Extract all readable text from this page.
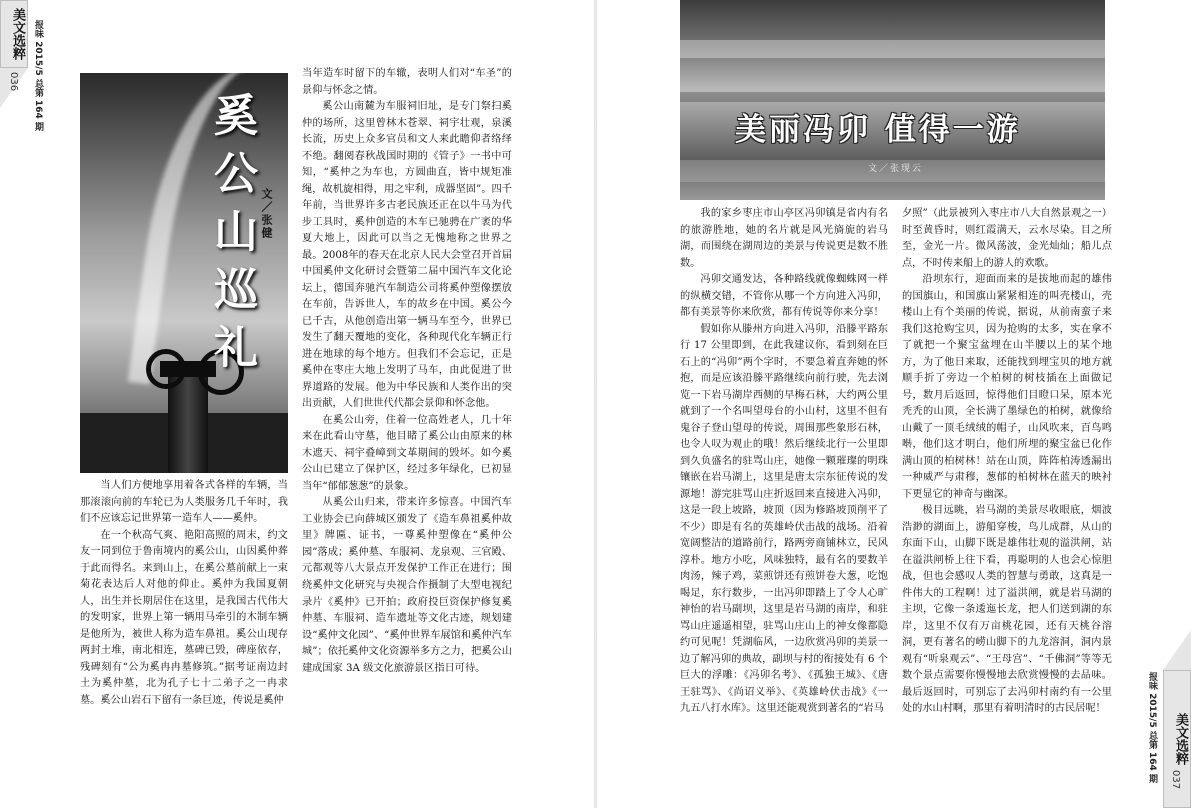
美文选粹 报味 2015/5 总第 164 期
036
奚公山巡礼 文／张健

当人们方便地享用着各式各样的车辆，当那滚滚向前的车轮已为人类服务几千年时，我们不应该忘记世界第一造车人——奚仲。

在一个秋高气爽、艳阳高照的周末，约文友一同到位于鲁南境内的奚公山，山因奚仲葬于此而得名。来到山上，在奚公墓前献上一束菊花表达后人对他的仰止。奚仲为我国夏朝人，出生并长期居住在这里，是我国古代伟大的发明家，世界上第一辆用马牵引的木制车辆是他所为，被世人称为造车鼻祖。奚公山现存两封土堆，南北相连，墓碑已毁，碑座依存，残碑刻有“公为奚冉冉墓修筑。”据考证南边封土为奚仲墓，北为孔子七十二弟子之一冉求墓。奚公山岩石下留有一条巨迹，传说是奚仲

当年造车时留下的车辙，表明人们对“车圣”的景仰与怀念之情。

奚公山南麓为车服祠旧址，是专门祭扫奚仲的场所，这里曾林木苍翠、祠宇壮观，泉溪长流，历史上众多官员和文人来此瞻仰者络绎不绝。翻阅春秋战国时期的《管子》一书中可知，“奚仲之为车也，方圆曲直，皆中规矩准绳，故机旋相得，用之牢利，成器坚固”。四千年前，当世界许多古老民族还正在以牛马为代步工具时，奚仲创造的木车已驰骋在广袤的华夏大地上，因此可以当之无愧地称之世界之最。2008年的春天在北京人民大会堂召开首届中国奚仲文化研讨会暨第二届中国汽车文化论坛上，德国奔驰汽车制造公司将奚仲塑像摆放在车前，告诉世人，车的故乡在中国。奚公今已千古，从他创造出第一辆马车至今，世界已发生了翻天覆地的变化，各种现代化车辆正行进在地球的每个地方。但我们不会忘记，正是奚仲在枣庄大地上发明了马车，由此促进了世界道路的发展。他为中华民族和人类作出的突出贡献，人们世世代代都会景仰和怀念他。

在奚公山旁，住着一位高姓老人，几十年来在此看山守墓，他目睹了奚公山由原来的林木遮天、祠宇叠嶂到文革期间的毁坏。如今奚公山已建立了保护区，经过多年绿化，已初显当年“郁郁葱葱”的景象。

从奚公山归来，带来许多惊喜。中国汽车工业协会已向薛城区颁发了《造车鼻祖奚仲故里》牌匾、证书，一尊奚仲塑像在“奚仲公园”落成；奚仲墓、车服祠、龙泉观、三官殿、元都观等八大景点开发保护工作正在进行；围绕奚仲文化研究与央视合作摄制了大型电视纪录片《奚仲》已开拍；政府投巨资保护修复奚仲墓、车服祠、造车遗址等文化古迹，规划建设“奚仲文化园”、“奚仲世界车展馆和奚仲汽车城”；依托奚仲文化资源举多方之力，把奚公山建成国家 3A 级文化旅游景区指日可待。

美丽冯卯 值得一游
文／张现云

我的家乡枣庄市山亭区冯卯镇是省内有名的旅游胜地，她的名片就是风光旖旎的岩马湖，而围绕在湖周边的美景与传说更是数不胜数。

冯卯交通发达，各种路线就像蜘蛛网一样的纵横交错，不管你从哪一个方向进入冯卯，都有美景等你来欣赏，都有传说等你来分享！

假如你从滕州方向进入冯卯，沿滕平路东行 17 公里即到，在此我建议你，看到刻在巨石上的“冯卯”两个字时，不要急着直奔她的怀抱，而是应该沿滕平路继续向前行驶，先去浏览一下岩马湖岸西侧的早梅石林，大约两公里就到了一个名叫望母台的小山村，这里不但有鬼谷子登山望母的传说，周围那些象形石林，也令人叹为观止的哦！然后继续北行一公里即到久负盛名的驻骂山庄，她像一颗璀璨的明珠镶嵌在岩马湖上，这里是唐太宗东征传说的发源地！游完驻骂山庄折返回来直接进入冯卯，这是一段上坡路，坡顶（因为修路坡顶削平了不少）即是有名的英雄岭伏击战的战场。沿着宽阔整洁的道路前行，路两旁商铺林立，民风淳朴。地方小吃，风味独特，最有名的要数羊肉汤，辣子鸡，菜煎饼还有煎饼卷大葱，吃饱喝足，东行数步，一出冯卯即踏上了令人心旷神怡的岩马副坝，这里是岩马湖的南岸，和驻骂山庄遥遥相望，驻骂山庄山上的神女像都隐约可见呢！凭湖临风，一边欣赏冯卯的美景一边了解冯卯的典故，副坝与村的衔接处有 6 个巨大的浮雕：《冯卯名考》、《孤独王城》、《唐王驻骂》、《尚诏义举》、《英雄岭伏击战》《一九五八打水库》。这里还能观赏到著名的“岩马

夕照”（此景被列入枣庄市八大自然景观之一）时至黄昏时，则红霞满天，云水尽染。目之所至，金光一片。微风荡波，金光灿灿；船儿点点，不时传来船上的游人的欢歌。

沿坝东行，迎面而来的是拔地而起的雄伟的国旗山，和国旗山紧紧相连的叫壳楼山，壳楼山上有个美丽的传说，据说，从前南蛮子来我们这抢购宝贝，因为抢购的太多，实在拿不了就把一个聚宝盆埋在山半腰以上的某个地方，为了他日来取，还能找到埋宝贝的地方就顺手折了旁边一个柏树的树枝插在上面做记号，数月后返回，惊得他们目瞪口呆，原本光秃秃的山顶，全长满了墨绿色的柏树，就像给山戴了一顶毛绒绒的帽子，山风吹来，百鸟鸣啭，他们这才明白，他们所埋的聚宝盆已化作满山顶的柏树林！站在山顶，阵阵柏涛透漏出一种威严与肃穆，葱郁的柏树林在蓝天的映衬下更显它的神奇与幽深。

极目远眺，岩马湖的美景尽收眼底，烟波浩渺的湖面上，游船穿梭，鸟儿成群，从山的东面下山，山脚下既是雄伟壮观的溢洪闸，站在溢洪闸桥上往下看，再聪明的人也会心惊胆战，但也会感叹人类的智慧与勇敢，这真是一件伟大的工程啊！过了溢洪闸，就是岩马湖的主坝，它像一条逶迤长龙，把人们送到湖的东岸，这里不仅有万亩桃花园，还有天桃谷溶洞，更有著名的崂山脚下的九龙溶洞，洞内景观有“听泉观云”、“王母宫”、“千佛洞”等等无数个景点需要你慢慢地去欣赏慢慢的去品味。最后返回时，可别忘了去冯卯村南约有一公里处的水山村啊，那里有着明清时的古民居呢！

美文选粹
报味 2015/5 总第 164 期 037
